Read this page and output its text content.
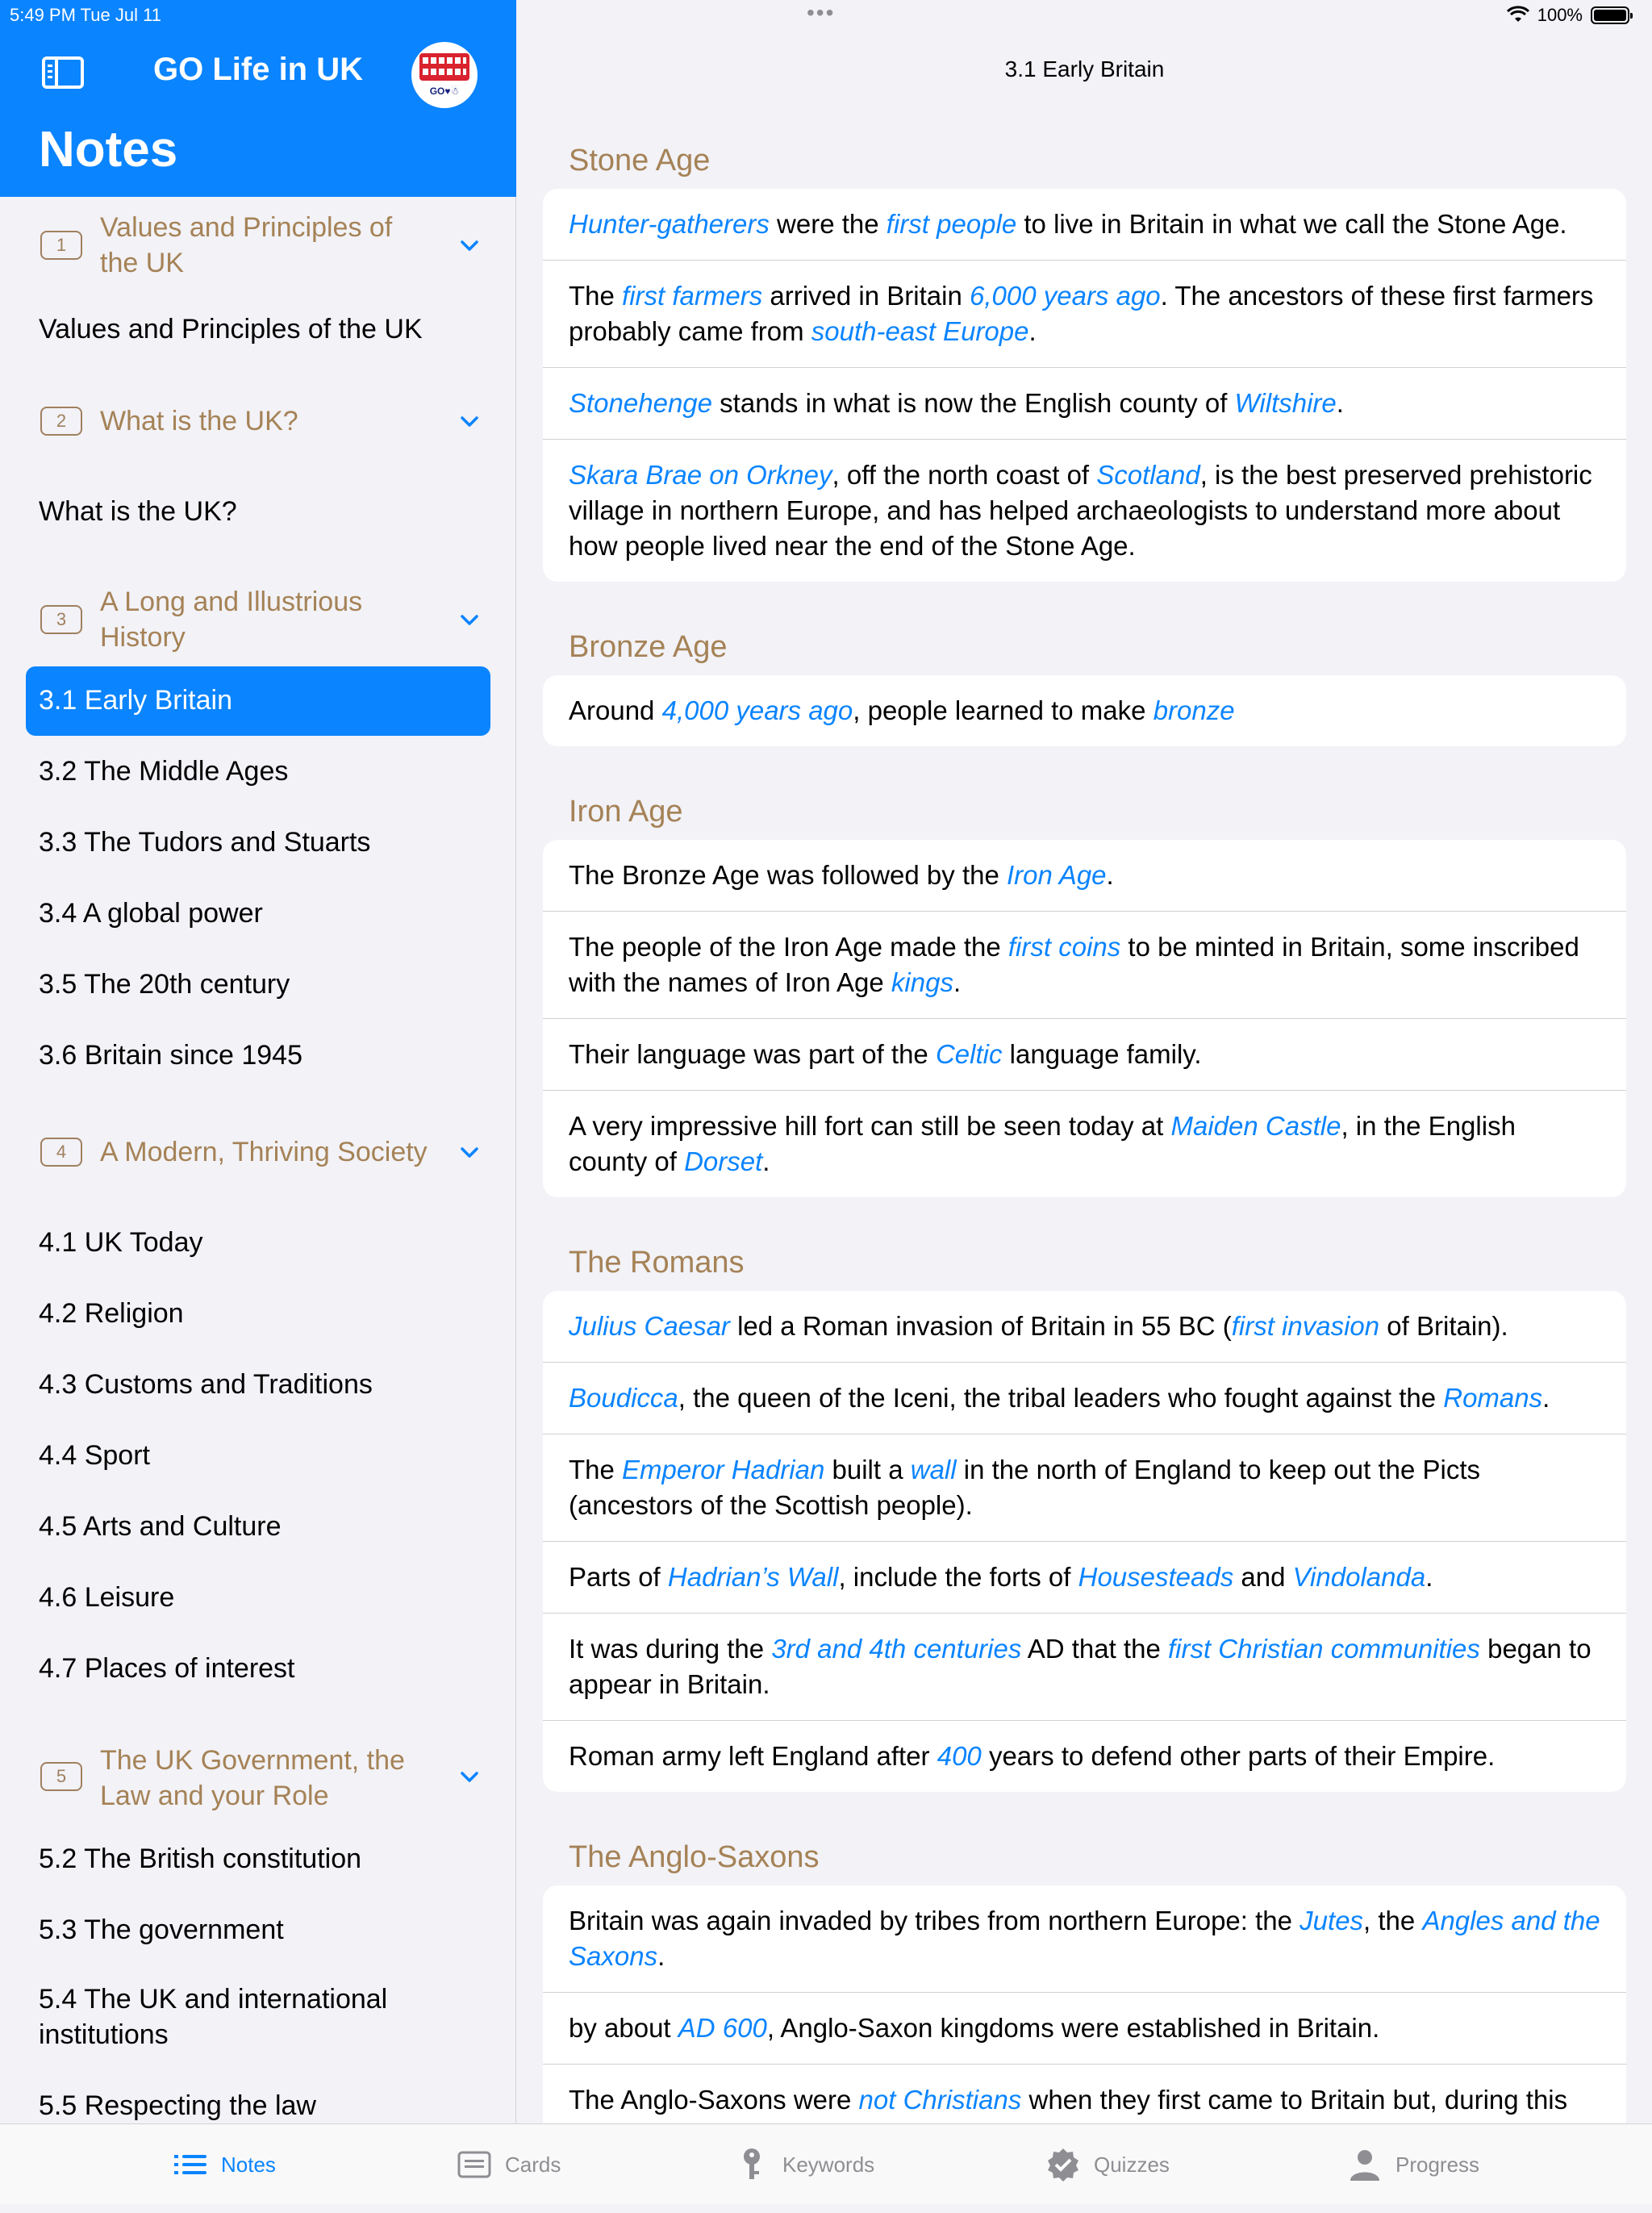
5:49 PM Tue Jul 11	•••	100%
GO Life in UK
GO♥☃
Notes
1
Values and Principles of the UK
Values and Principles of the UK
2	What is the UK?
What is the UK?
3
A Long and Illustrious History
3.1 Early Britain
3.2 The Middle Ages
3.3 The Tudors and Stuarts
3.4 A global power
3.5 The 20th century
3.6 Britain since 1945
4	A Modern, Thriving Society
4.1 UK Today
4.2 Religion
4.3 Customs and Traditions
4.4 Sport
4.5 Arts and Culture
4.6 Leisure
4.7 Places of interest
5
The UK Government, the Law and your Role
5.2 The British constitution
5.3 The government
5.4 The UK and international institutions
5.5 Respecting the law
3.1 Early Britain
Stone Age
Hunter-gatherers were the first people to live in Britain in what we call the Stone Age.
The first farmers arrived in Britain 6,000 years ago. The ancestors of these first farmers probably came from south-east Europe.
Stonehenge stands in what is now the English county of Wiltshire.
Skara Brae on Orkney, off the north coast of Scotland, is the best preserved prehistoric village in northern Europe, and has helped archaeologists to understand more about how people lived near the end of the Stone Age.
Bronze Age
Around 4,000 years ago, people learned to make bronze
Iron Age
The Bronze Age was followed by the Iron Age.
The people of the Iron Age made the first coins to be minted in Britain, some inscribed with the names of Iron Age kings.
Their language was part of the Celtic language family.
A very impressive hill fort can still be seen today at Maiden Castle, in the English county of Dorset.
The Romans
Julius Caesar led a Roman invasion of Britain in 55 BC (first invasion of Britain).
Boudicca, the queen of the Iceni, the tribal leaders who fought against the Romans.
The Emperor Hadrian built a wall in the north of England to keep out the Picts (ancestors of the Scottish people).
Parts of Hadrian’s Wall, include the forts of Housesteads and Vindolanda.
It was during the 3rd and 4th centuries AD that the first Christian communities began to appear in Britain.
Roman army left England after 400 years to defend other parts of their Empire.
The Anglo-Saxons
Britain was again invaded by tribes from northern Europe: the Jutes, the Angles and the Saxons.
by about AD 600, Anglo-Saxon kingdoms were established in Britain.
The Anglo-Saxons were not Christians when they first came to Britain but, during this
Notes	Cards	Keywords	Quizzes	Progress
